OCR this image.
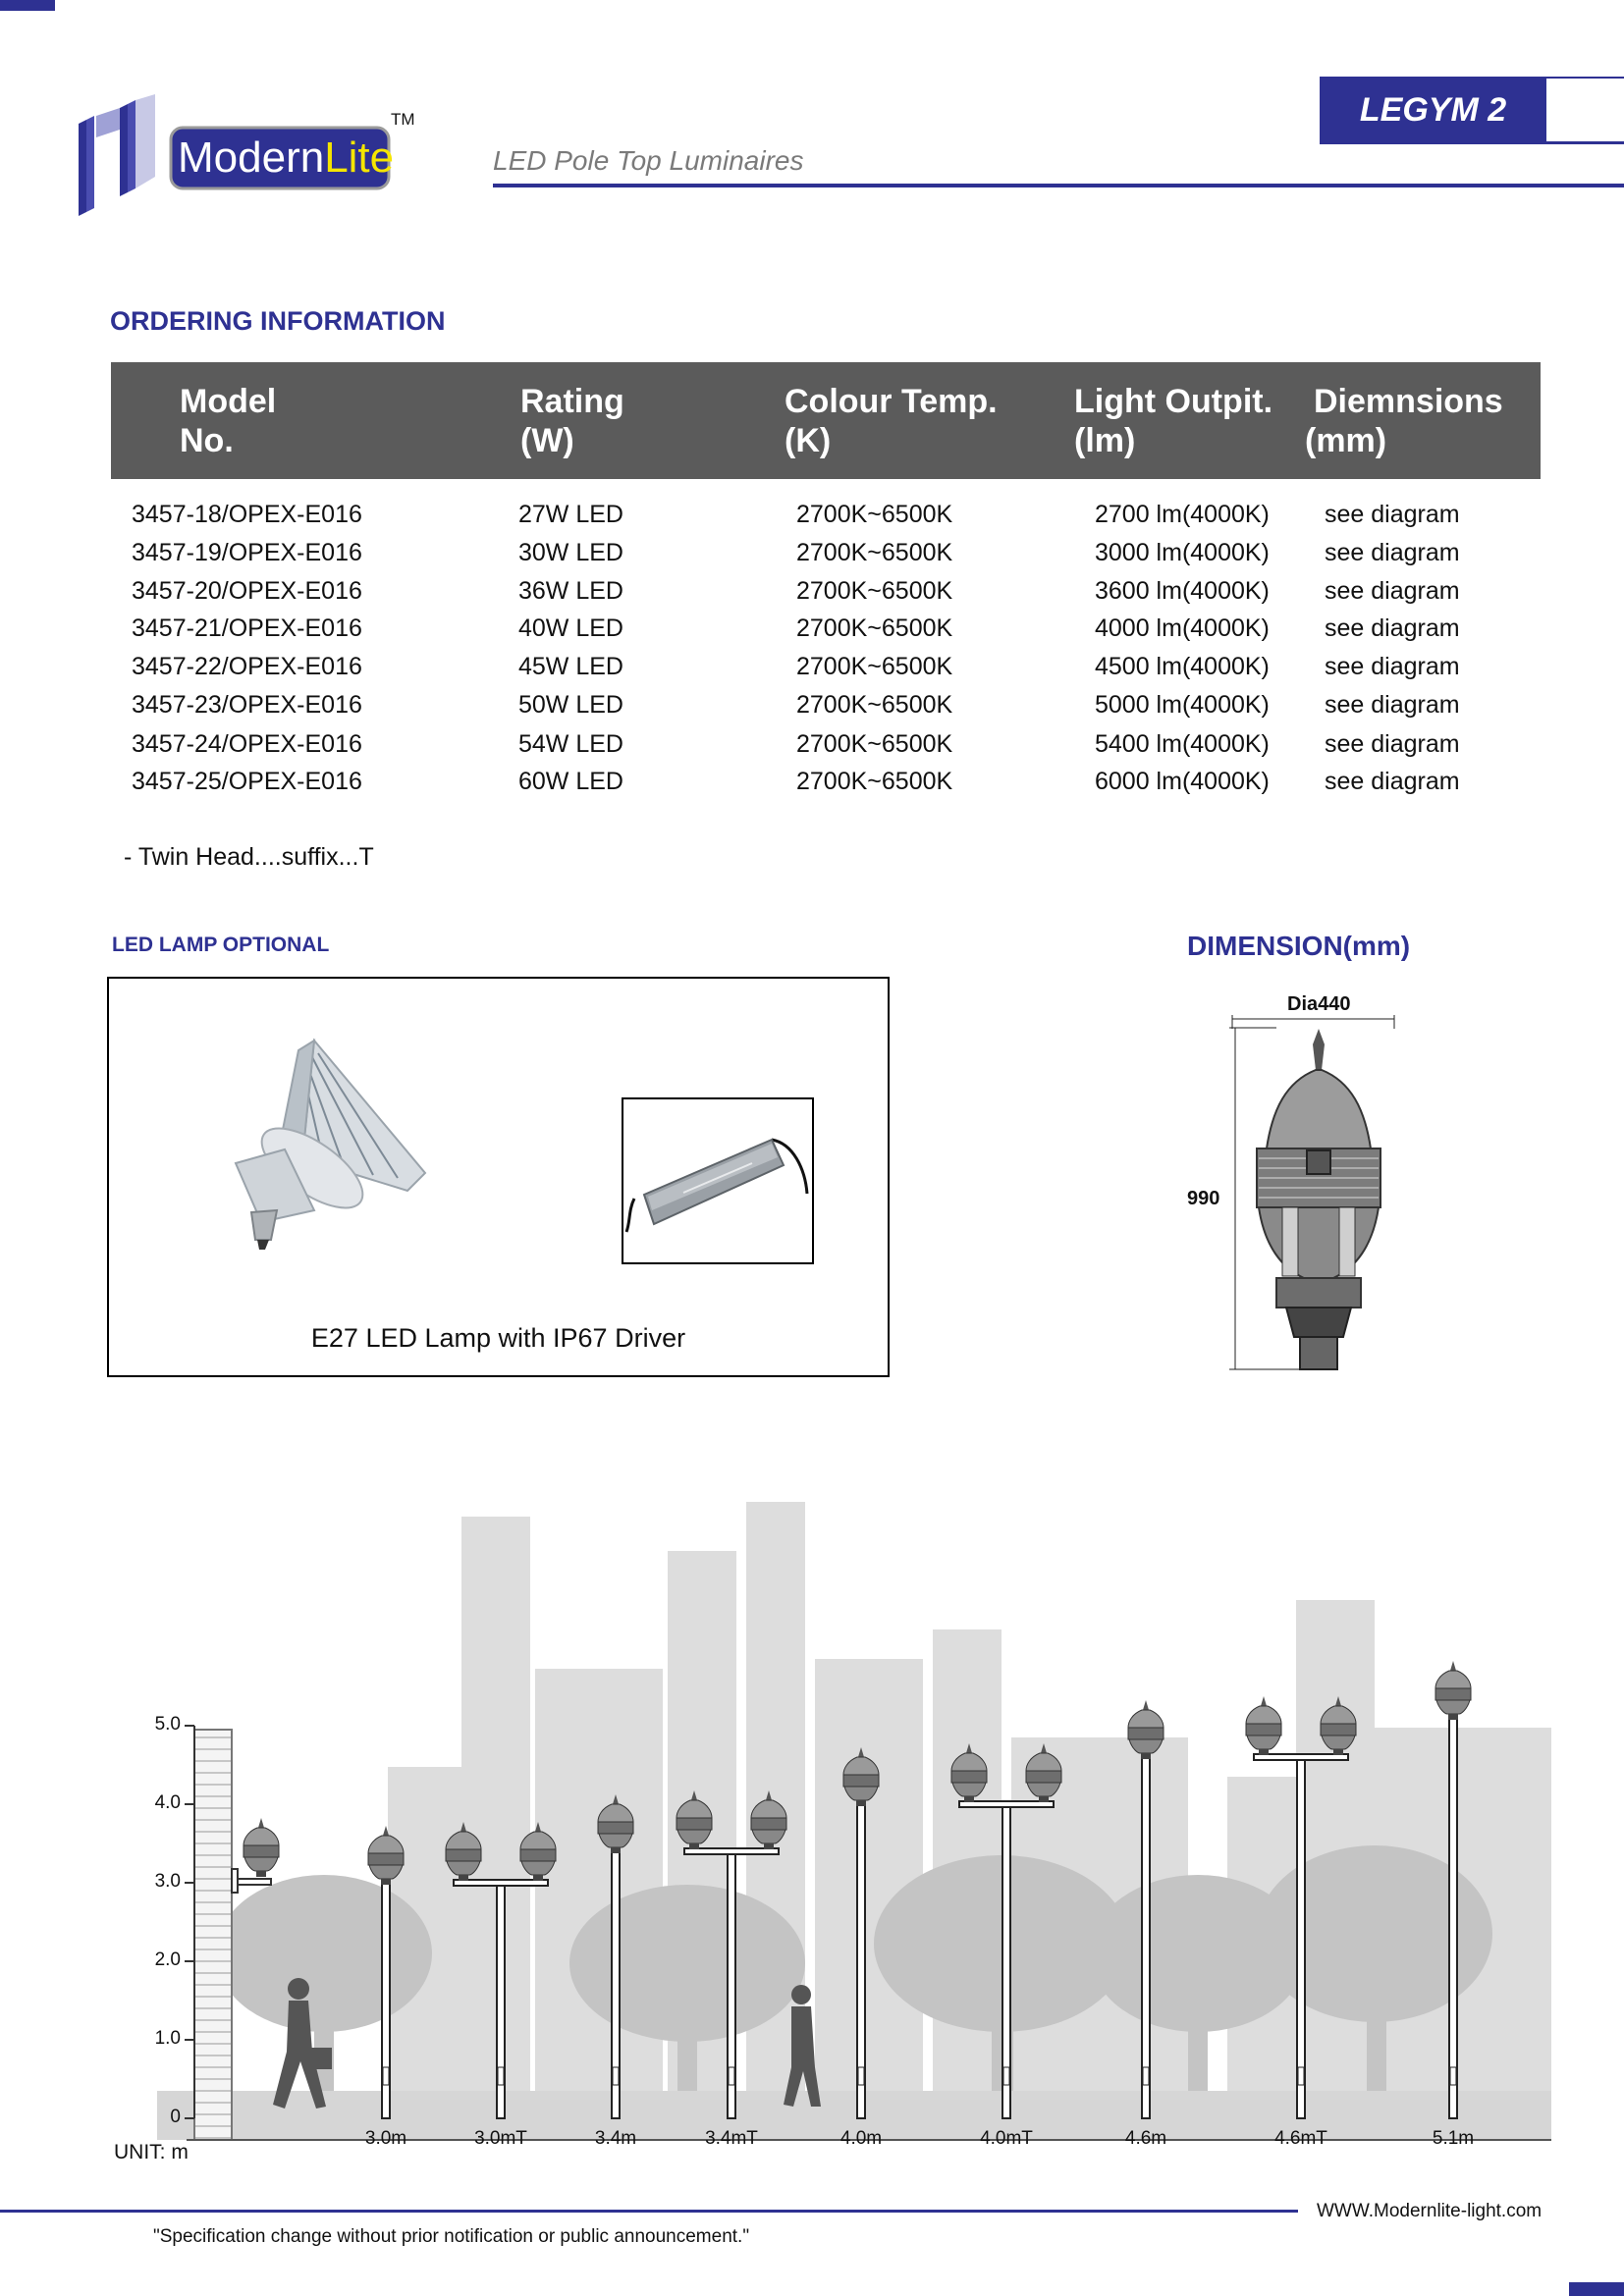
ModernLite
TM	LEGYM 2
LED Pole Top Luminaires
ORDERING INFORMATION
Model
No.
Rating
(W)
Colour Temp.
(K)
Light Outpit.
(lm)
Diemnsions
(mm)
3457-18/OPEX-E016	27W LED	2700K~6500K	2700 lm(4000K) see diagram
3457-19/OPEX-E016	30W LED	2700K~6500K	3000 lm(4000K) see diagram
3457-20/OPEX-E016	36W LED	2700K~6500K	3600 lm(4000K) see diagram
3457-21/OPEX-E016	40W LED	2700K~6500K	4000 lm(4000K) see diagram
3457-22/OPEX-E016	45W LED	2700K~6500K	4500 lm(4000K) see diagram
3457-23/OPEX-E016	50W LED	2700K~6500K	5000 lm(4000K) see diagram
3457-24/OPEX-E016	54W LED	2700K~6500K	5400 lm(4000K) see diagram
3457-25/OPEX-E016	60W LED	2700K~6500K	6000 lm(4000K) see diagram
- Twin Head....suffix...T
LED LAMP OPTIONAL
E27 LED Lamp with IP67 Driver
DIMENSION(mm)
Dia440
990
5.0
4.0
3.0
2.0
1.0
0
3.0m	3.0mT	3.4m	3.4mT	4.0m	4.0mT	4.6m	4.6mT	5.1m
UNIT: m
WWW.Modernlite-light.com
"Specification change without prior notification or public announcement."
